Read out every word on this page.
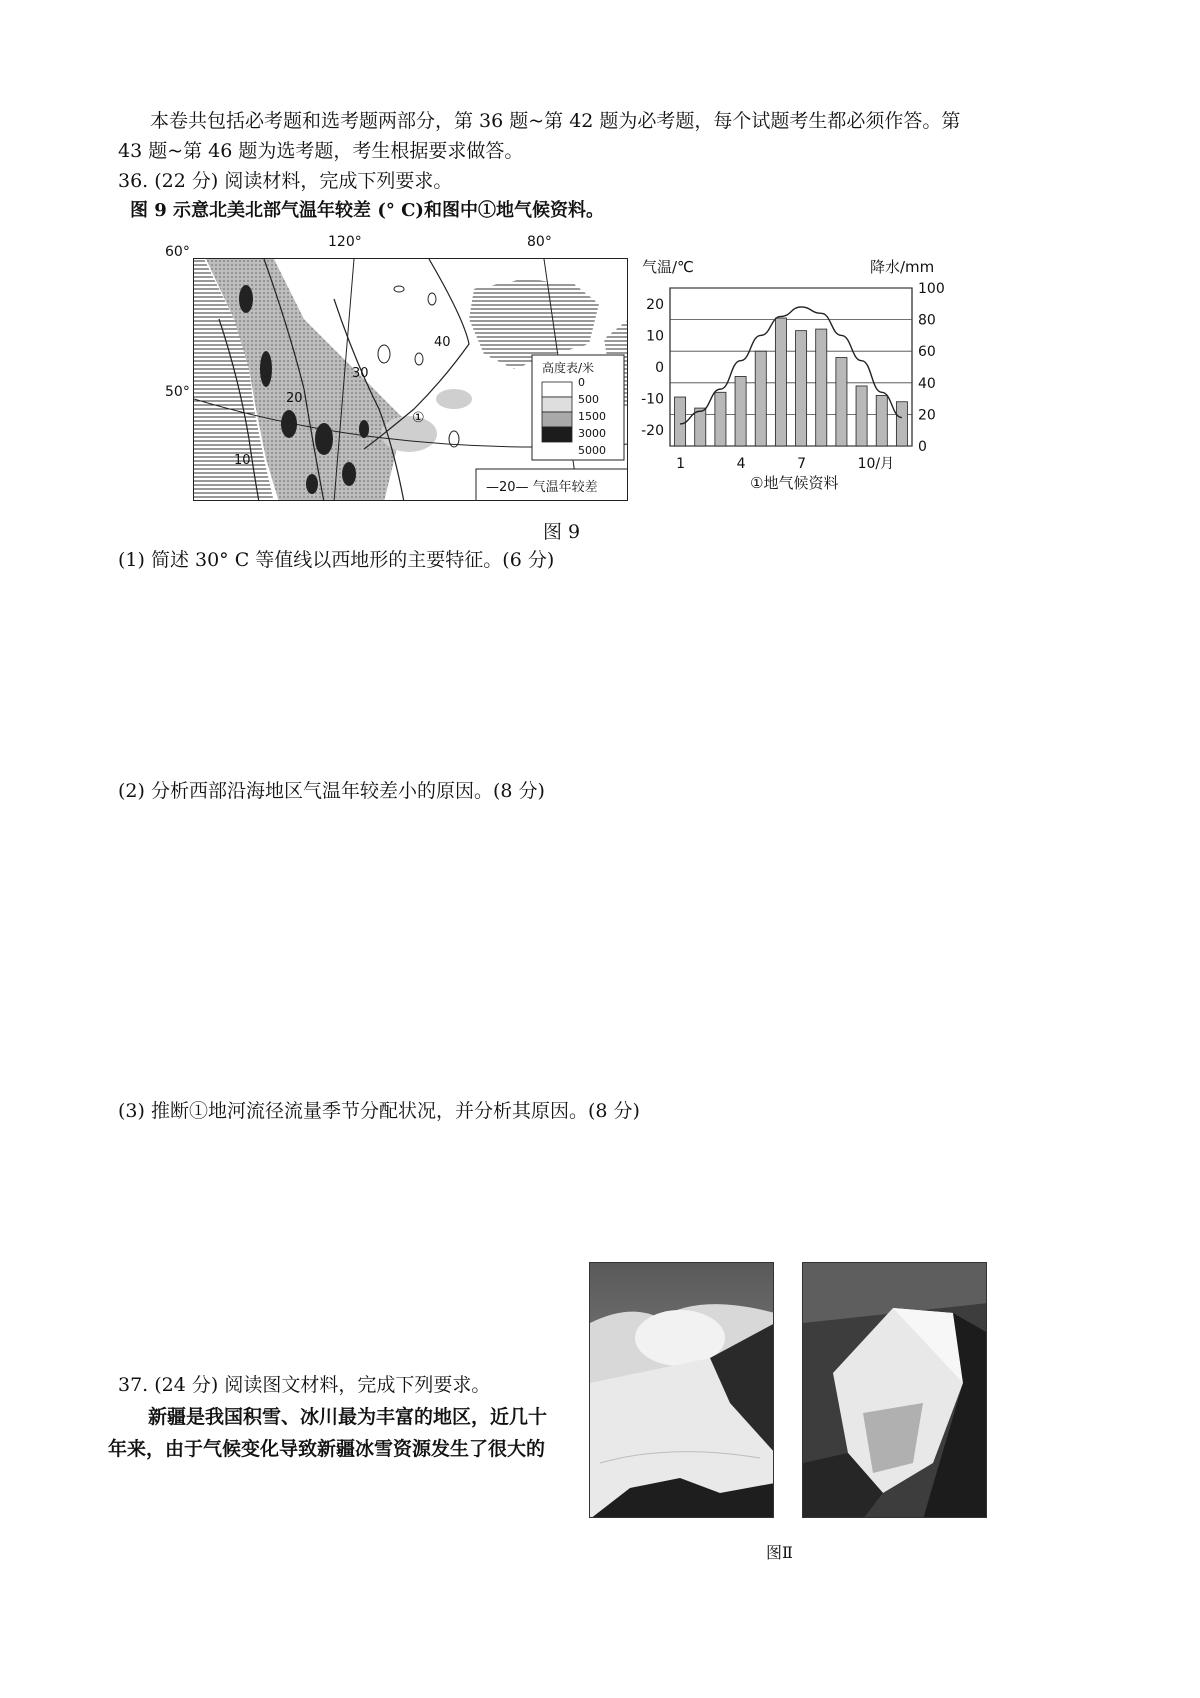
本卷共包括必考题和选考题两部分，第 36 题~第 42 题为必考题，每个试题考生都必须作答。第
43 题~第 46 题为选考题，考生根据要求做答。
36. (22 分) 阅读材料，完成下列要求。
图 9 示意北美北部气温年较差 (° C)和图中①地气候资料。
40
30
20
10
①
高度表/米
0
500
1500
3000
5000
—20— 气温年较差
60°
50°
120°	80°
100
80
60
40
20
0
20
10
0
-10
-20
1	4	7	10/月
气温/℃	降水/mm
①地气候资料
图 9
(1) 简述 30° C 等值线以西地形的主要特征。(6 分)
(2) 分析西部沿海地区气温年较差小的原因。(8 分)
(3) 推断①地河流径流量季节分配状况，并分析其原因。(8 分)
37. (24 分) 阅读图文材料，完成下列要求。
新疆是我国积雪、冰川最为丰富的地区，近几十
年来，由于气候变化导致新疆冰雪资源发生了很大的
图Ⅱ
